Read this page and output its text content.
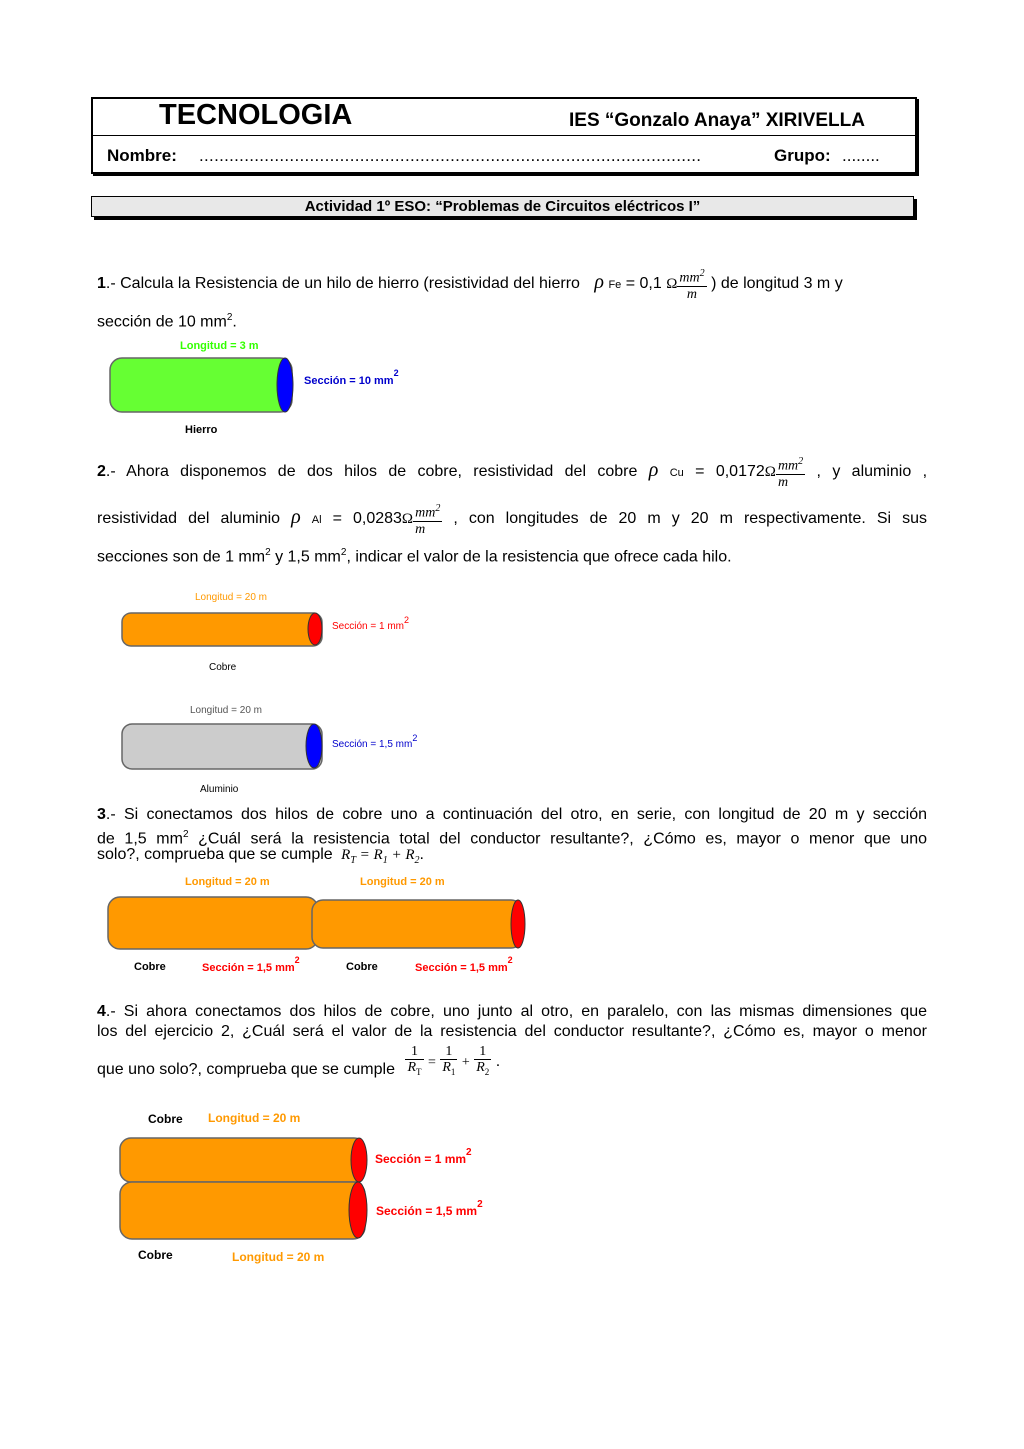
TECNOLOGIA	IES “Gonzalo Anaya” XIRIVELLA
Nombre: ....................................................................................................	Grupo: ........
Actividad 1º ESO: “Problemas de Circuitos eléctricos I”
1.- Calcula la Resistencia de un hilo de hierro (resistividad del hierro ρ Fe = 0,1 Ω $\frac{mm^2}{m}$ ) de longitud 3 m y
sección de 10 $mm^2$.
Longitud = 3 m
Sección = 10 $mm^2$
Hierro
2.- Ahora disponemos de dos hilos de cobre, resistividad del cobre ρ $Cu = 0,0172\Omega \frac{mm^2}{m}$ , y aluminio ,
resistividad del aluminio ρ $Al = 0,0283\Omega \frac{mm^2}{m}$ , con longitudes de 20 m y 20 m respectivamente. Si sus
secciones son de 1 $mm^2$ y 1,5 $mm^2$, indicar el valor de la resistencia que ofrece cada hilo.
Longitud = 20 m
Sección = 1 mm2
Cobre
Longitud = 20 m
Sección = 1,5 mm2
Aluminio
3.- Si conectamos dos hilos de cobre uno a continuación del otro, en serie, con longitud de 20 m y sección
de 1,5 $mm^2$ ¿Cuál será la resistencia total del conductor resultante?, ¿Cómo es, mayor o menor que uno
solo?, comprueba que se cumple $R_T = R_1 + R_2$.
Longitud = 20 m	Longitud = 20 m
Cobre	Sección = 1,5 $mm^2$
Cobre	Sección = 1,5 $mm^2$
4.- Si ahora conectamos dos hilos de cobre, uno junto al otro, en paralelo, con las mismas dimensiones que
los del ejercicio 2, ¿Cuál será el valor de la resistencia del conductor resultante?, ¿Cómo es, mayor o menor
que uno solo?, comprueba que se cumple $\frac{1}{R_T} = \frac{1}{R_1} + \frac{1}{R_2}$ .
Cobre Longitud = 20 m
Sección = 1 $mm^2$
Sección = 1,5 $mm^2$
Cobre	Longitud = 20 m
